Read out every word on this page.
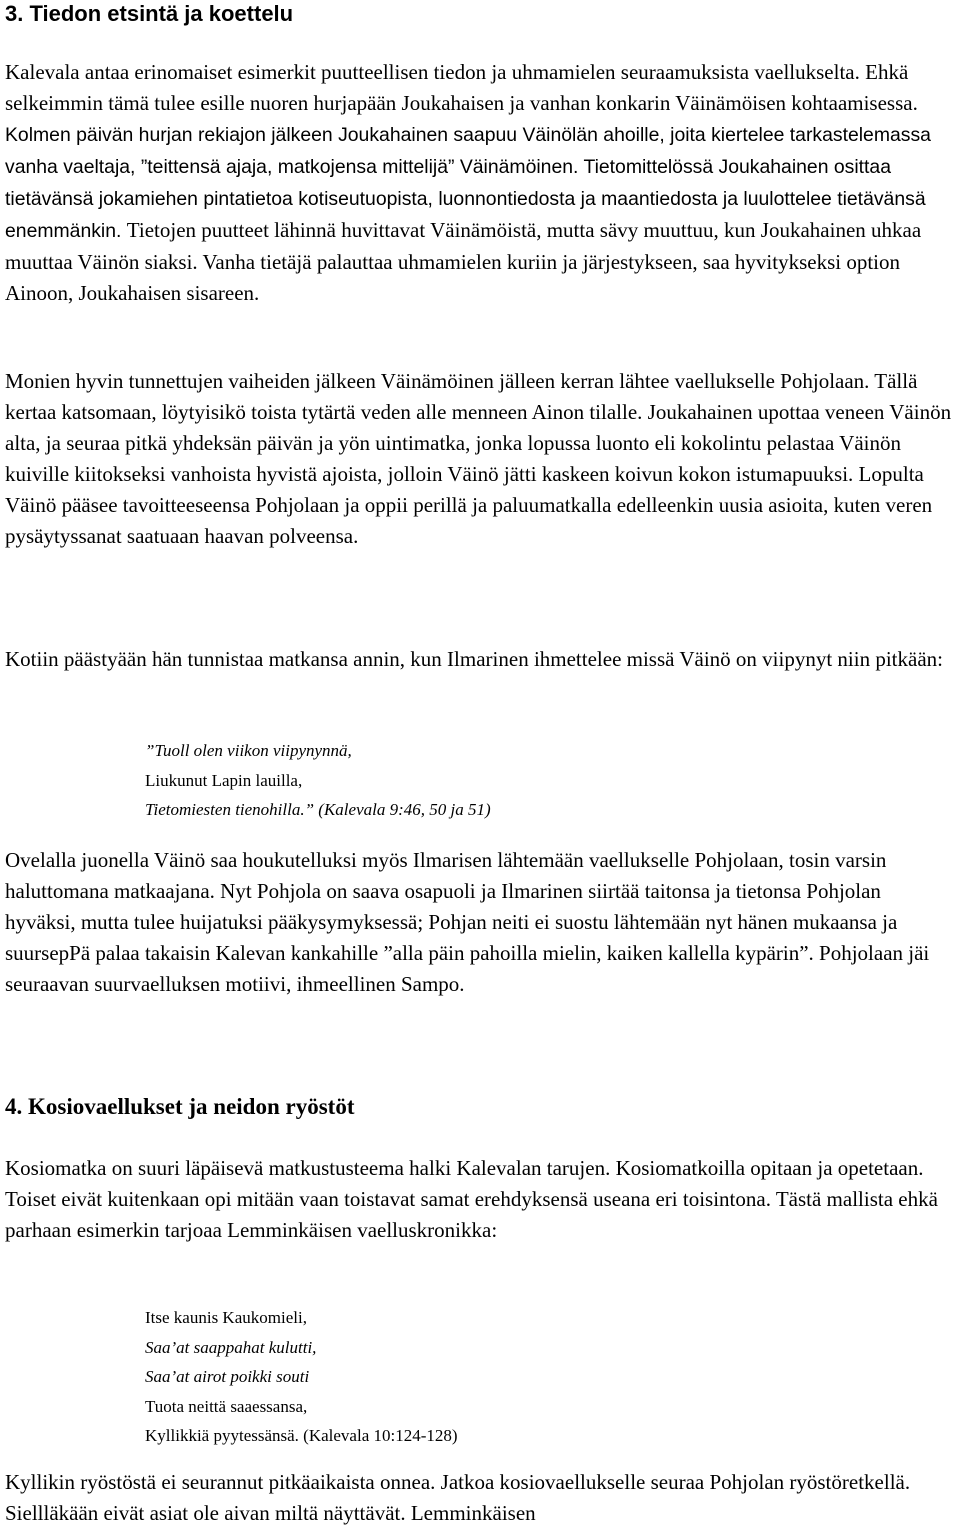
3. Tiedon etsintä ja koettelu

Kalevala antaa erinomaiset esimerkit puutteellisen tiedon ja uhmamielen seuraamuksista vaellukselta. Ehkä selkeimmin tämä tulee esille nuoren hurjapään Joukahaisen ja vanhan konkarin Väinämöisen kohtaamisessa. Kolmen päivän hurjan rekiajon jälkeen Joukahainen saapuu Väinölän ahoille, joita kiertelee tarkastelemassa vanha vaeltaja, ”teittensä ajaja, matkojensa mittelijä” Väinämöinen. Tietomittelössä Joukahainen osittaa tietävänsä jokamiehen pintatietoa kotiseutuopista, luonnontiedosta ja maantiedosta ja luulottelee tietävänsä enemmänkin. Tietojen puutteet lähinnä huvittavat Väinämöistä, mutta sävy muuttuu, kun Joukahainen uhkaa muuttaa Väinön siaksi. Vanha tietäjä palauttaa uhmamielen kuriin ja järjestykseen, saa hyvitykseksi option Ainoon, Joukahaisen sisareen.

Monien hyvin tunnettujen vaiheiden jälkeen Väinämöinen jälleen kerran lähtee vaellukselle Pohjolaan. Tällä kertaa katsomaan, löytyisikö toista tytärtä veden alle menneen Ainon tilalle. Joukahainen upottaa veneen Väinön alta, ja seuraa pitkä yhdeksän päivän ja yön uintimatka, jonka lopussa luonto eli kokolintu pelastaa Väinön kuiville kiitokseksi vanhoista hyvistä ajoista, jolloin Väinö jätti kaskeen koivun kokon istumapuuksi. Lopulta Väinö pääsee tavoitteeseensa Pohjolaan ja oppii perillä ja paluumatkalla edelleenkin uusia asioita, kuten veren pysäytyssanat saatuaan haavan polveensa.

Kotiin päästyään hän tunnistaa matkansa annin, kun Ilmarinen ihmettelee missä Väinö on viipynyt niin pitkään:

”Tuoll olen viikon viipynynnä,
Liukunut Lapin lauilla,
Tietomiesten tienohilla.” (Kalevala 9:46, 50 ja 51)

Ovelalla juonella Väinö saa houkutelluksi myös Ilmarisen lähtemään vaellukselle Pohjolaan, tosin varsin haluttomana matkaajana. Nyt Pohjola on saava osapuoli ja Ilmarinen siirtää taitonsa ja tietonsa Pohjolan hyväksi, mutta tulee huijatuksi pääkysymyksessä; Pohjan neiti ei suostu lähtemään nyt hänen mukaansa ja suursepPä palaa takaisin Kalevan kankahille ”alla päin pahoilla mielin, kaiken kallella kypärin”. Pohjolaan jäi seuraavan suurvaelluksen motiivi, ihmeellinen Sampo.

4. Kosiovaellukset ja neidon ryöstöt

Kosiomatka on suuri läpäisevä matkustusteema halki Kalevalan tarujen. Kosiomatkoilla opitaan ja opetetaan. Toiset eivät kuitenkaan opi mitään vaan toistavat samat erehdyksensä useana eri toisintona. Tästä mallista ehkä parhaan esimerkin tarjoaa Lemminkäisen vaelluskronikka:

Itse kaunis Kaukomieli,
Saa’at saappahat kulutti,
Saa’at airot poikki souti
Tuota neittä saaessansa,
Kyllikkiä pyytessänsä. (Kalevala 10:124-128)

Kyllikin ryöstöstä ei seurannut pitkäaikaista onnea. Jatkoa kosiovaellukselle seuraa Pohjolan ryöstöretkellä. Siellläkään eivät asiat ole aivan miltä näyttävät. Lemminkäisen
